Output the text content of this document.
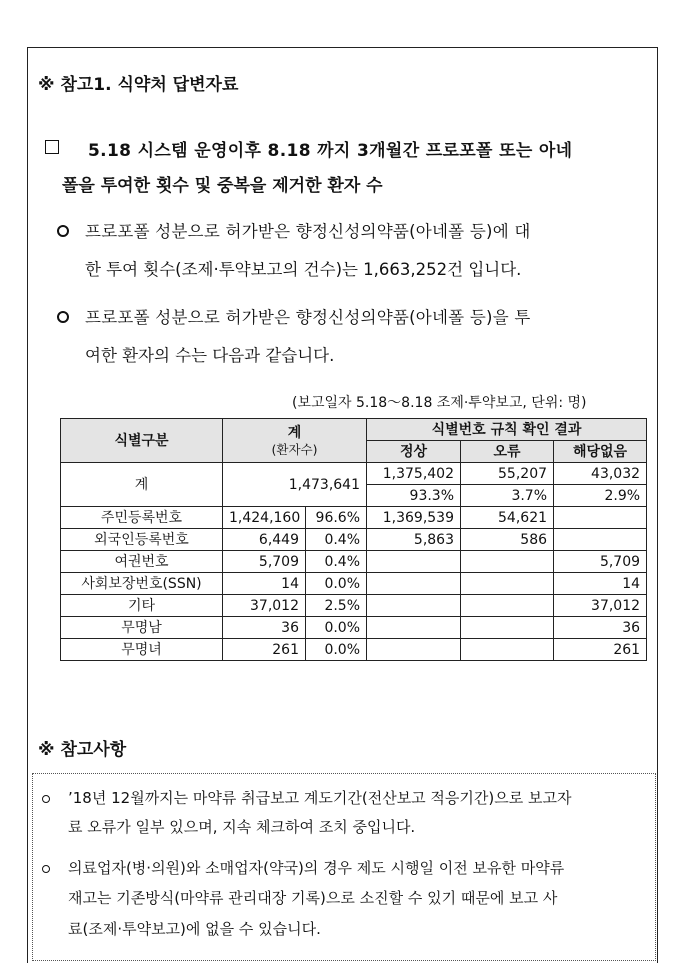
※ 참고1. 식약처 답변자료
5.18 시스템 운영이후 8.18 까지 3개월간 프로포폴 또는 아네
폴을 투여한 횟수 및 중복을 제거한 환자 수
프로포폴 성분으로 허가받은 향정신성의약품(아네폴 등)에 대
한 투여 횟수(조제·투약보고의 건수)는 1,663,252건 입니다.
프로포폴 성분으로 허가받은 향정신성의약품(아네폴 등)을 투
여한 환자의 수는 다음과 같습니다.
(보고일자 5.18〜8.18 조제·투약보고, 단위: 명)
식별구분	계
(환자수)		식별번호 규칙 확인 결과		
			정상	오류	해당없음
계	1,473,641		1,375,402	55,207	43,032
			93.3%	3.7%	2.9%
주민등록번호	1,424,160	96.6%	1,369,539	54,621	
외국인등록번호	6,449	0.4%	5,863	586	
여권번호	5,709	0.4%			5,709
사회보장번호(SSN)	14	0.0%			14
기타	37,012	2.5%			37,012
무명남	36	0.0%			36
무명녀	261	0.0%			261
※ 참고사항
’18년 12월까지는 마약류 취급보고 계도기간(전산보고 적응기간)으로 보고자
료 오류가 일부 있으며, 지속 체크하여 조치 중입니다.
의료업자(병·의원)와 소매업자(약국)의 경우 제도 시행일 이전 보유한 마약류
재고는 기존방식(마약류 관리대장 기록)으로 소진할 수 있기 때문에 보고 사
료(조제·투약보고)에 없을 수 있습니다.
